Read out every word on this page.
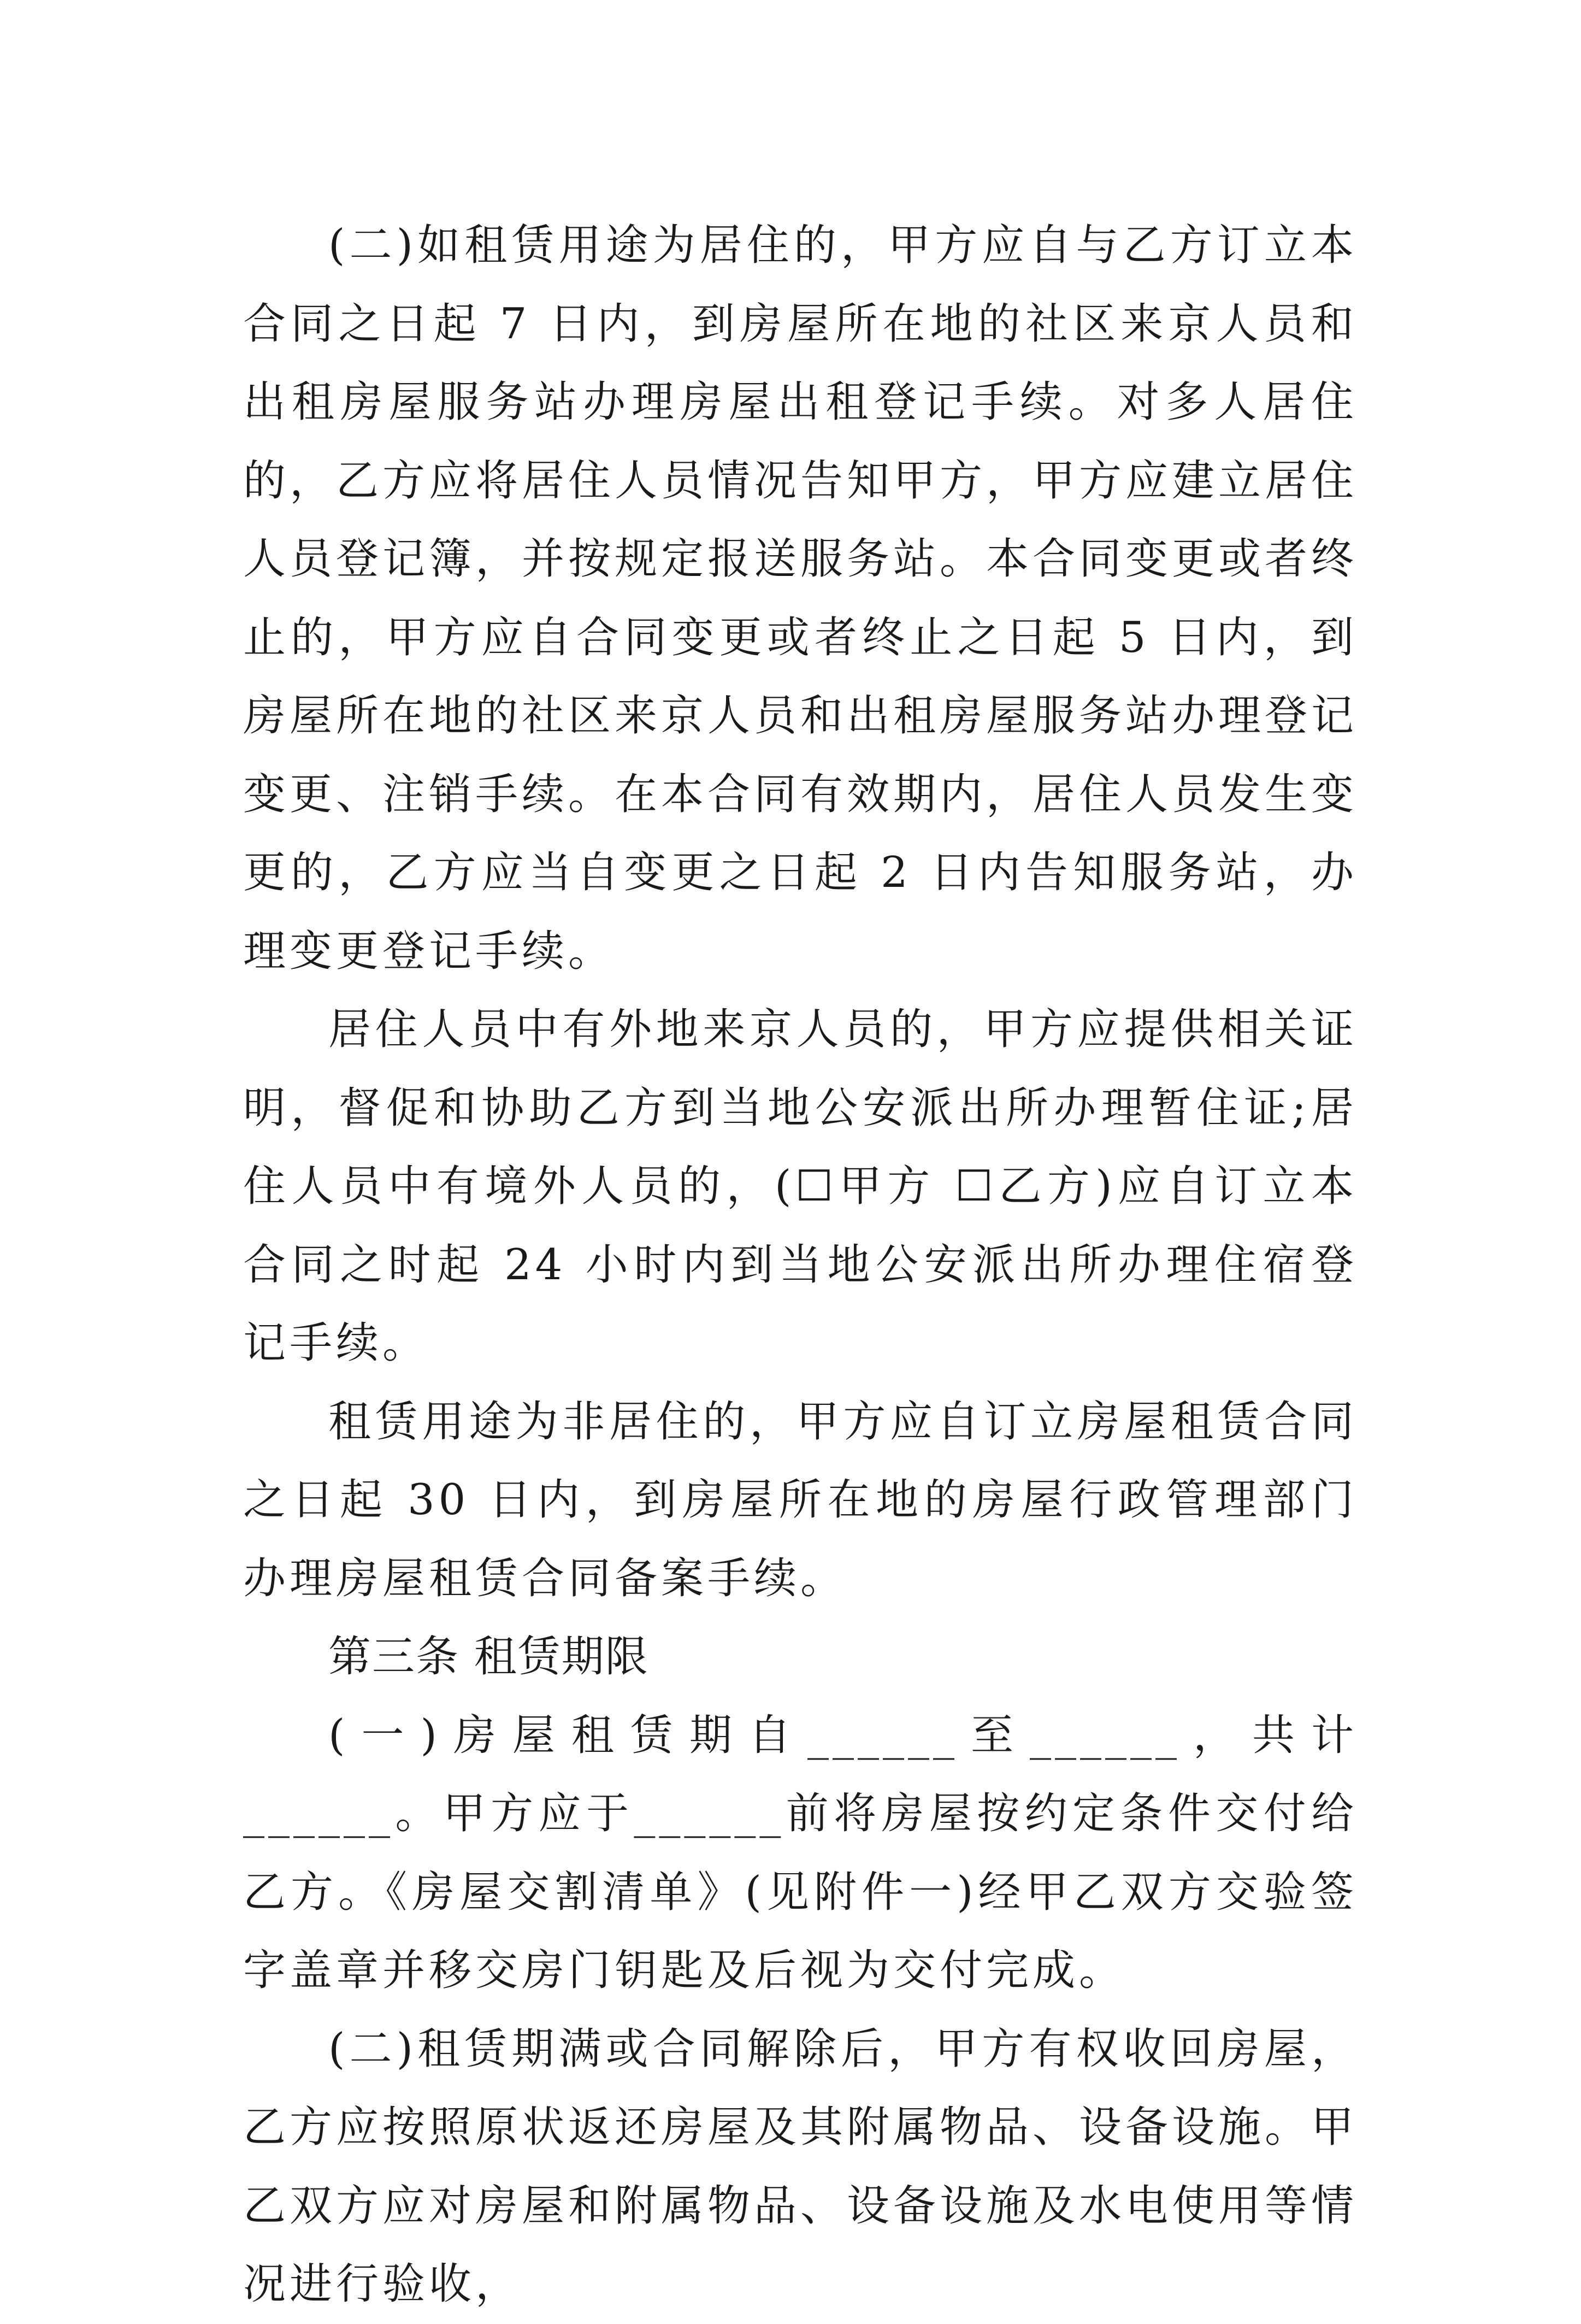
(二)如租赁用途为居住的，甲方应自与乙方订立本合同之日起 7 日内，到房屋所在地的社区来京人员和出租房屋服务站办理房屋出租登记手续。对多人居住的，乙方应将居住人员情况告知甲方，甲方应建立居住人员登记簿，并按规定报送服务站。本合同变更或者终止的，甲方应自合同变更或者终止之日起 5 日内，到房屋所在地的社区来京人员和出租房屋服务站办理登记变更、注销手续。在本合同有效期内，居住人员发生变更的，乙方应当自变更之日起 2 日内告知服务站，办理变更登记手续。

居住人员中有外地来京人员的，甲方应提供相关证明，督促和协助乙方到当地公安派出所办理暂住证;居住人员中有境外人员的，(☐甲方 ☐乙方)应自订立本合同之时起 24 小时内到当地公安派出所办理住宿登记手续。

租赁用途为非居住的，甲方应自订立房屋租赁合同之日起 30 日内，到房屋所在地的房屋行政管理部门办理房屋租赁合同备案手续。

第三条 租赁期限

(一)房屋租赁期自______至______，共计______。甲方应于______前将房屋按约定条件交付给乙方。《房屋交割清单》(见附件一)经甲乙双方交验签字盖章并移交房门钥匙及后视为交付完成。

(二)租赁期满或合同解除后，甲方有权收回房屋，乙方应按照原状返还房屋及其附属物品、设备设施。甲乙双方应对房屋和附属物品、设备设施及水电使用等情况进行验收，
